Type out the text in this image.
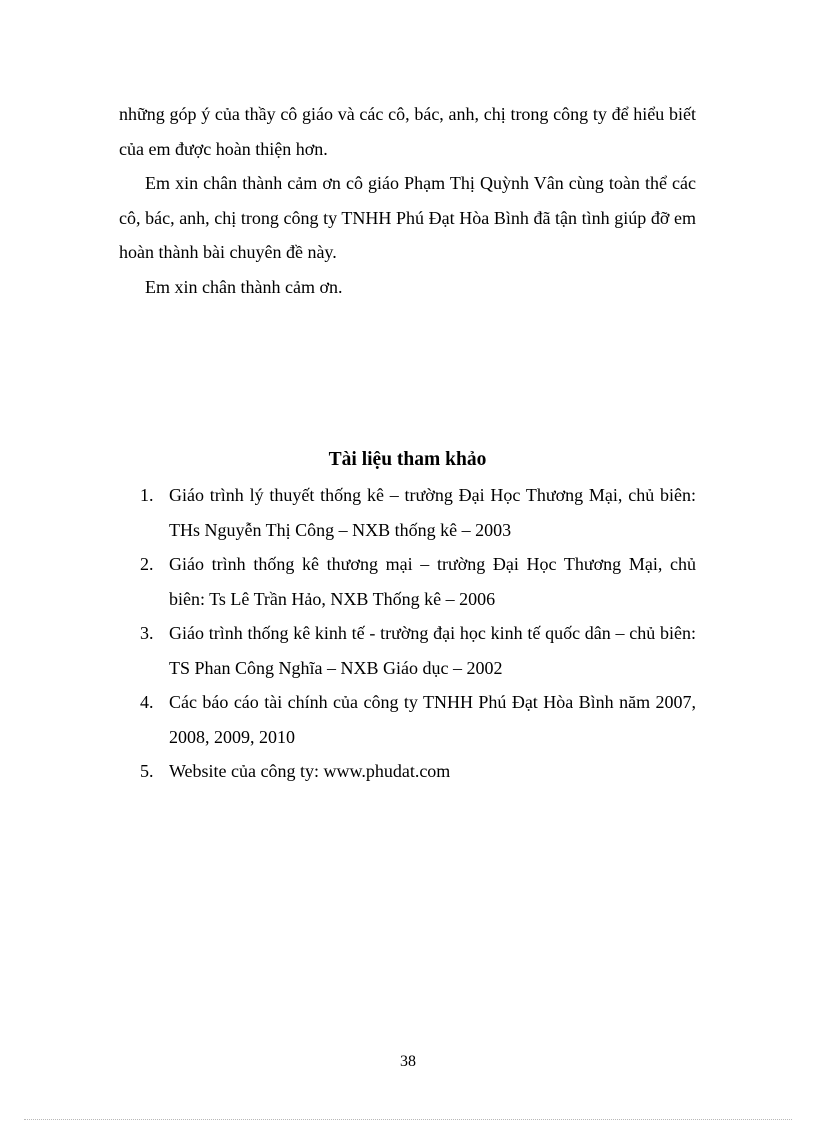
những góp ý của thầy cô giáo và các cô, bác, anh, chị trong công ty để hiểu biết của em được hoàn thiện hơn.

Em xin chân thành cảm ơn cô giáo Phạm Thị Quỳnh Vân cùng toàn thể các cô, bác, anh, chị trong công ty TNHH Phú Đạt Hòa Bình đã tận tình giúp đỡ em hoàn thành bài chuyên đề này.

Em xin chân thành cảm ơn.

Tài liệu tham khảo
1. Giáo trình lý thuyết thống kê – trường Đại Học Thương Mại, chủ biên: THs Nguyễn Thị Công – NXB thống kê – 2003
2. Giáo trình thống kê thương mại – trường Đại Học Thương Mại, chủ biên: Ts Lê Trần Hảo, NXB Thống kê – 2006
3. Giáo trình thống kê kinh tế - trường đại học kinh tế quốc dân – chủ biên: TS Phan Công Nghĩa – NXB Giáo dục – 2002
4. Các báo cáo tài chính của công ty TNHH Phú Đạt Hòa Bình năm 2007, 2008, 2009, 2010
5. Website của công ty: www.phudat.com
38
